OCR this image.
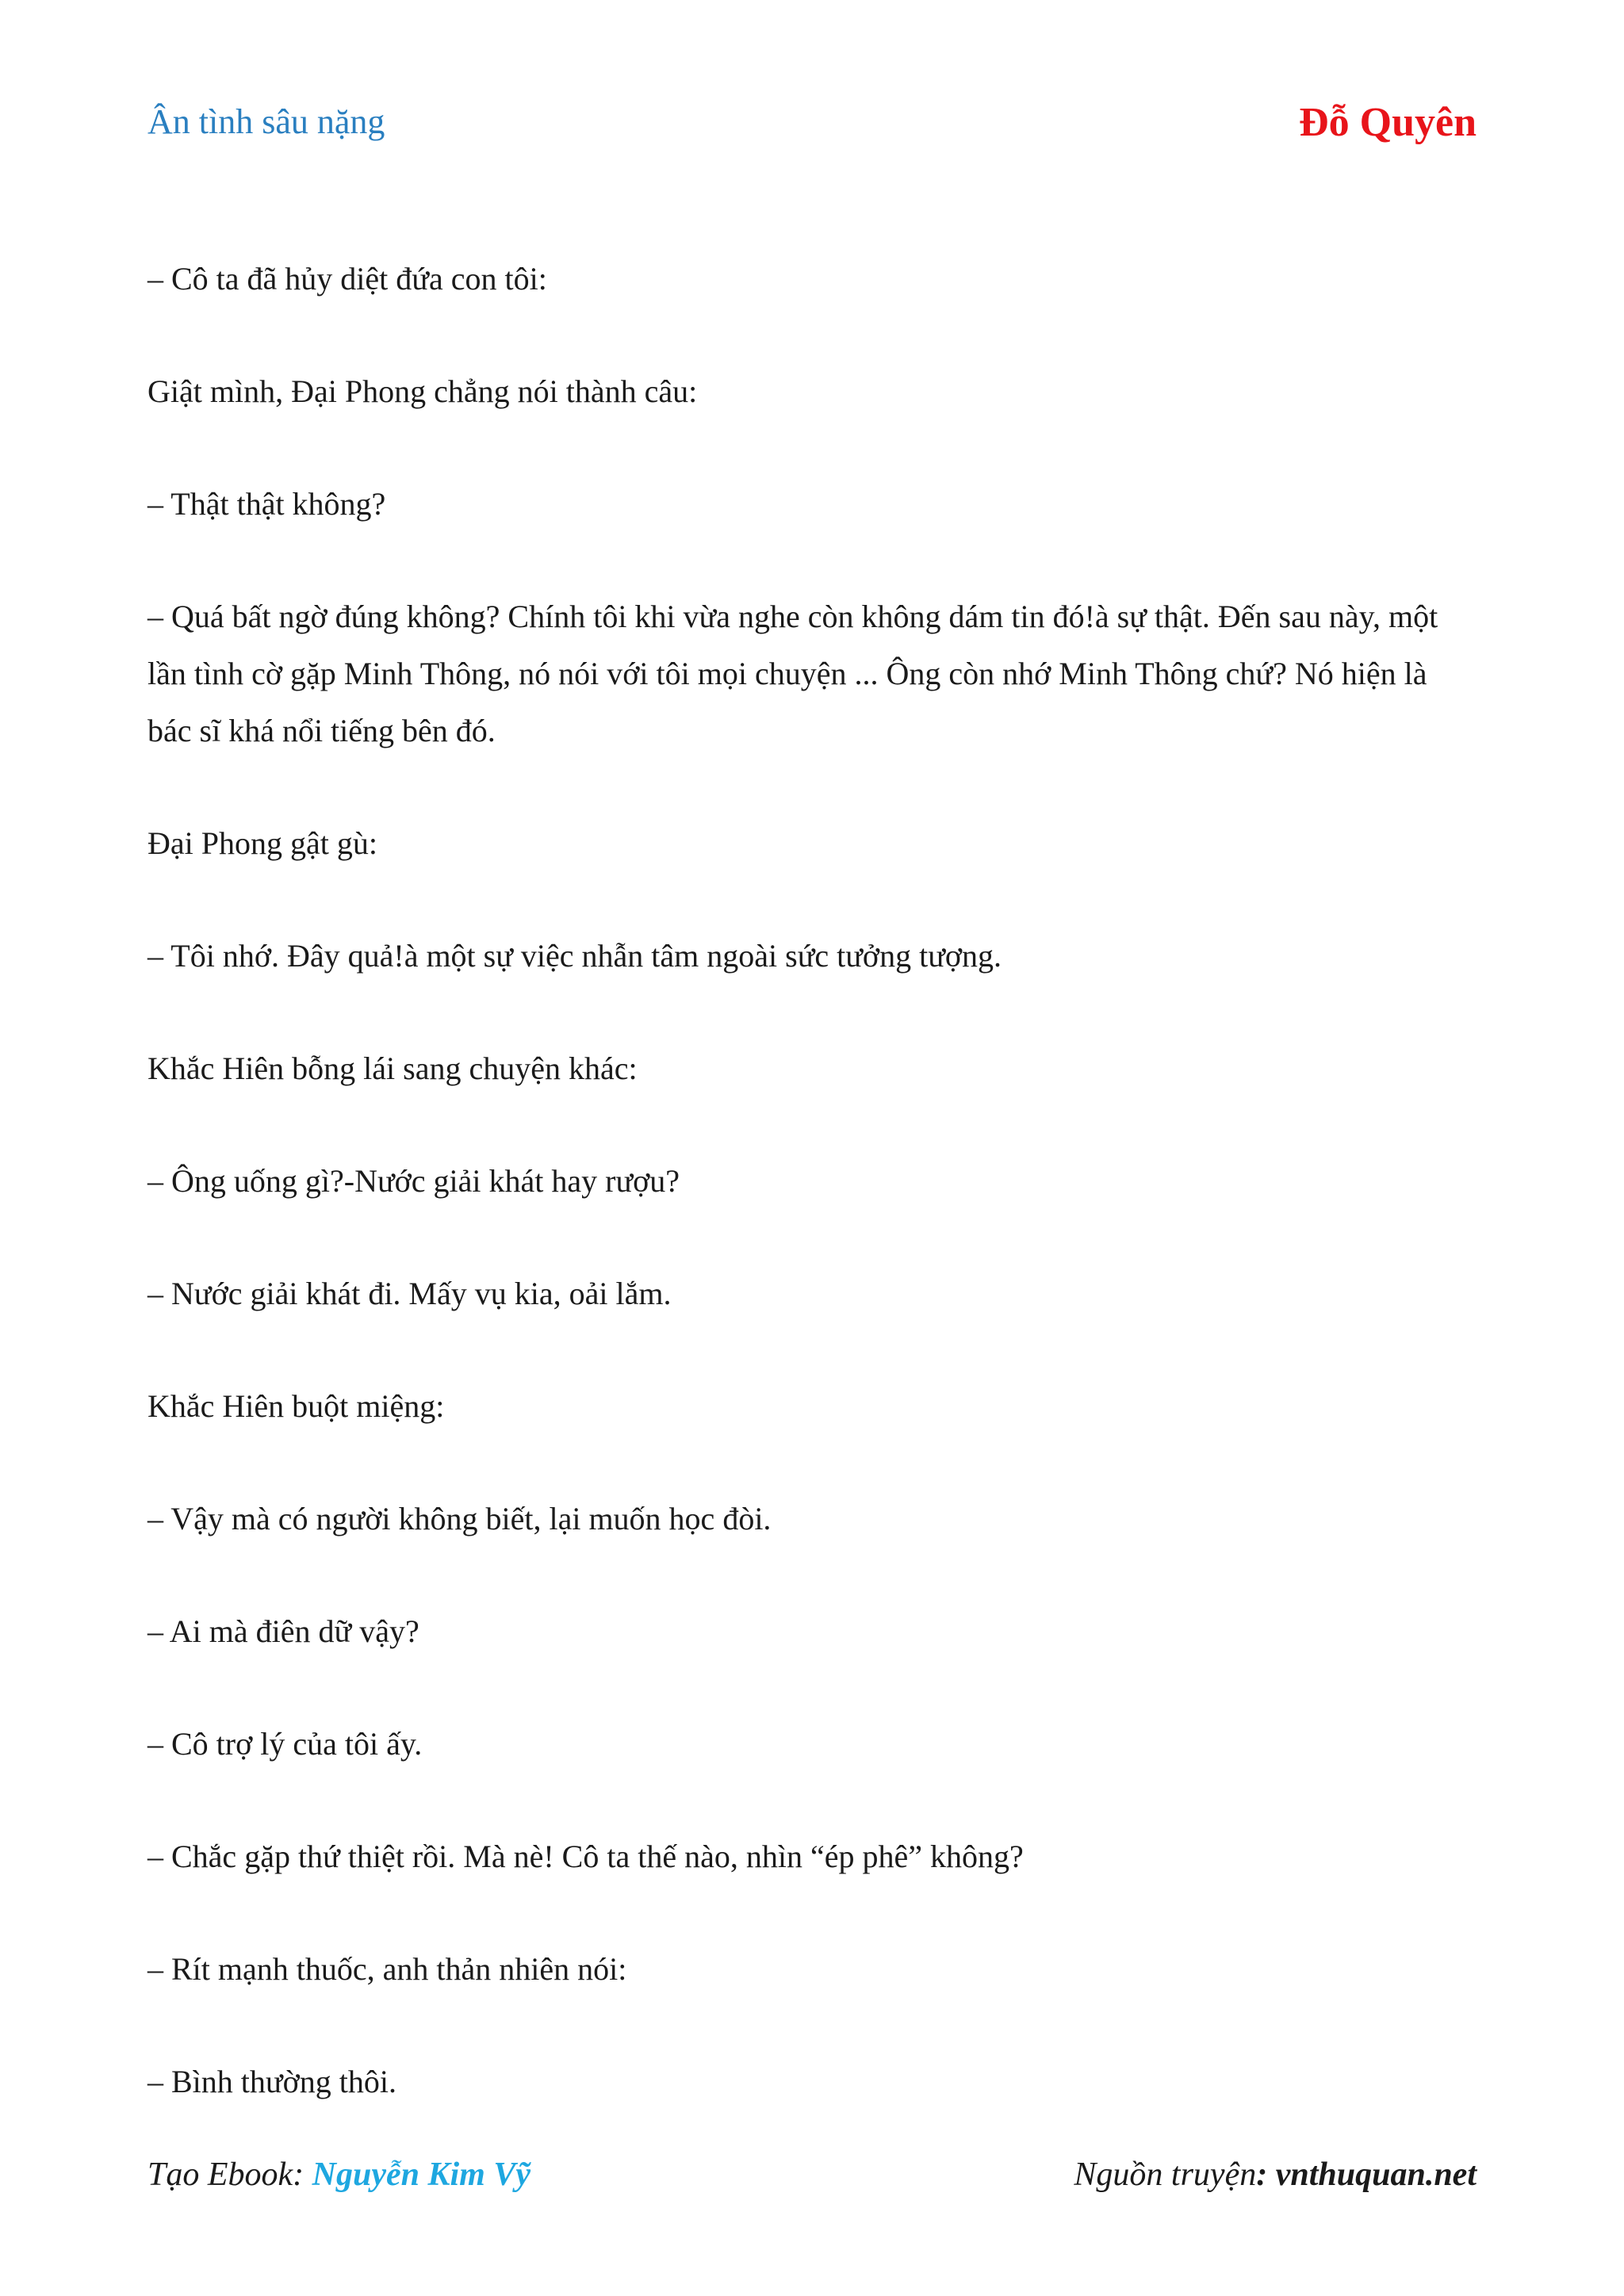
Ân tình sâu nặng	Đỗ Quyên

– Cô ta đã hủy diệt đứa con tôi:

Giật mình, Đại Phong chẳng nói thành câu:

– Thật thật không?

– Quá bất ngờ đúng không? Chính tôi khi vừa nghe còn không dám tin đó!à sự thật. Đến sau này, một lần tình cờ gặp Minh Thông, nó nói với tôi mọi chuyện ... Ông còn nhớ Minh Thông chứ? Nó hiện là bác sĩ khá nổi tiếng bên đó.

Đại Phong gật gù:

– Tôi nhớ. Đây quả!à một sự việc nhẫn tâm ngoài sức tưởng tượng.

Khắc Hiên bỗng lái sang chuyện khác:

– Ông uống gì?-Nước giải khát hay rượu?

– Nước giải khát đi. Mấy vụ kia, oải lắm.

Khắc Hiên buột miệng:

– Vậy mà có người không biết, lại muốn học đòi.

– Ai mà điên dữ vậy?

– Cô trợ lý của tôi ấy.

– Chắc gặp thứ thiệt rồi. Mà nè! Cô ta thế nào, nhìn “ép phê” không?

– Rít mạnh thuốc, anh thản nhiên nói:

– Bình thường thôi.

Tạo Ebook: Nguyễn Kim Vỹ	Nguồn truyện: vnthuquan.net
